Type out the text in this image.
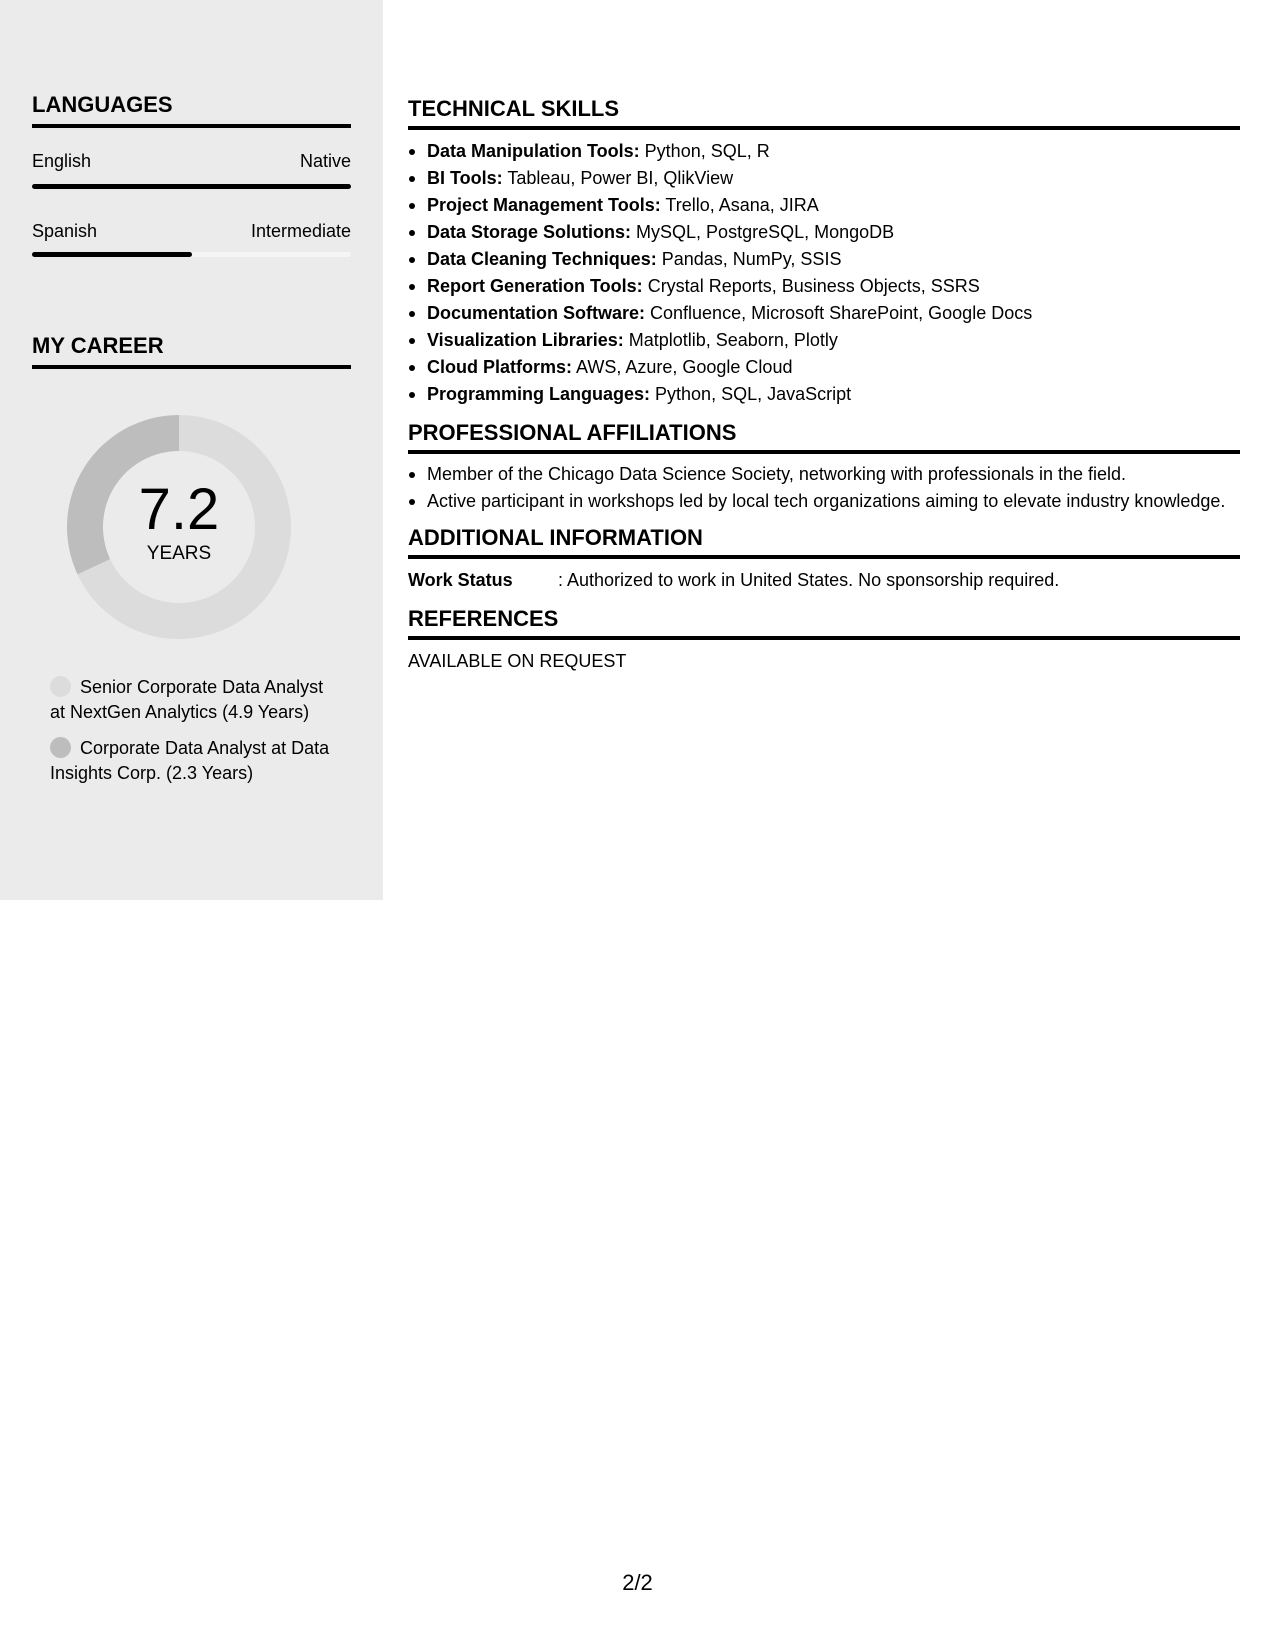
LANGUAGES
English	Native
Spanish	Intermediate
MY CAREER
7.2
YEARS
Senior Corporate Data Analyst at NextGen Analytics (4.9 Years)
Corporate Data Analyst at Data Insights Corp. (2.3 Years)
TECHNICAL SKILLS
Data Manipulation Tools: Python, SQL, R
BI Tools: Tableau, Power BI, QlikView
Project Management Tools: Trello, Asana, JIRA
Data Storage Solutions: MySQL, PostgreSQL, MongoDB
Data Cleaning Techniques: Pandas, NumPy, SSIS
Report Generation Tools: Crystal Reports, Business Objects, SSRS
Documentation Software: Confluence, Microsoft SharePoint, Google Docs
Visualization Libraries: Matplotlib, Seaborn, Plotly
Cloud Platforms: AWS, Azure, Google Cloud
Programming Languages: Python, SQL, JavaScript
PROFESSIONAL AFFILIATIONS
Member of the Chicago Data Science Society, networking with professionals in the field.
Active participant in workshops led by local tech organizations aiming to elevate industry knowledge.
ADDITIONAL INFORMATION
Work Status	: Authorized to work in United States. No sponsorship required.
REFERENCES
AVAILABLE ON REQUEST
2/2
